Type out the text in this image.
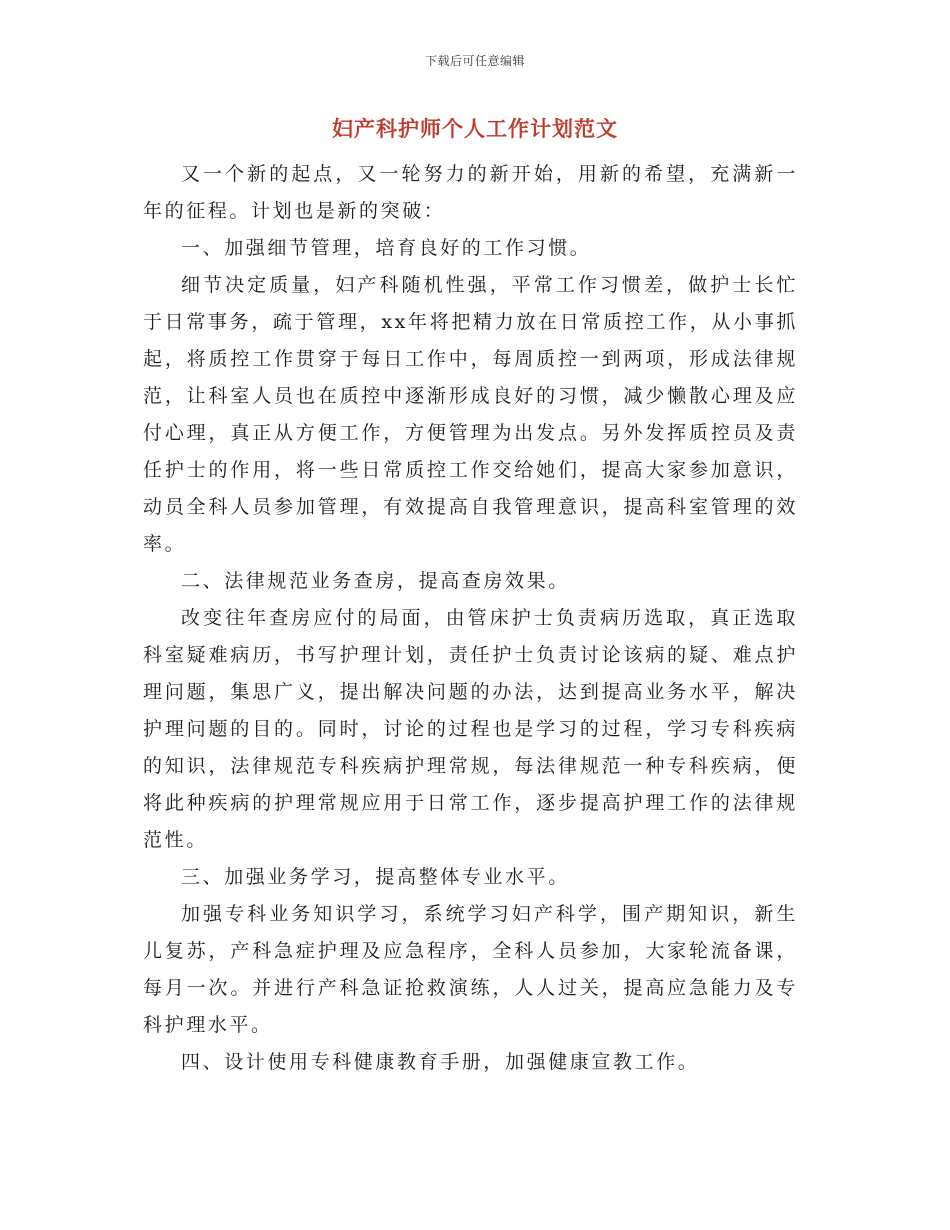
下载后可任意编辑
妇产科护师个人工作计划范文

又一个新的起点，又一轮努力的新开始，用新的希望，充满新一年的征程。计划也是新的突破：

一、加强细节管理，培育良好的工作习惯。

细节决定质量，妇产科随机性强，平常工作习惯差，做护士长忙于日常事务，疏于管理，xx年将把精力放在日常质控工作，从小事抓起，将质控工作贯穿于每日工作中，每周质控一到两项，形成法律规范，让科室人员也在质控中逐渐形成良好的习惯，减少懒散心理及应付心理，真正从方便工作，方便管理为出发点。另外发挥质控员及责任护士的作用，将一些日常质控工作交给她们，提高大家参加意识，动员全科人员参加管理，有效提高自我管理意识，提高科室管理的效率。

二、法律规范业务查房，提高查房效果。

改变往年查房应付的局面，由管床护士负责病历选取，真正选取科室疑难病历，书写护理计划，责任护士负责讨论该病的疑、难点护理问题，集思广义，提出解决问题的办法，达到提高业务水平，解决护理问题的目的。同时，讨论的过程也是学习的过程，学习专科疾病的知识，法律规范专科疾病护理常规，每法律规范一种专科疾病，便将此种疾病的护理常规应用于日常工作，逐步提高护理工作的法律规范性。

三、加强业务学习，提高整体专业水平。

加强专科业务知识学习，系统学习妇产科学，围产期知识，新生儿复苏，产科急症护理及应急程序，全科人员参加，大家轮流备课，每月一次。并进行产科急证抢救演练，人人过关，提高应急能力及专科护理水平。

四、设计使用专科健康教育手册，加强健康宣教工作。
